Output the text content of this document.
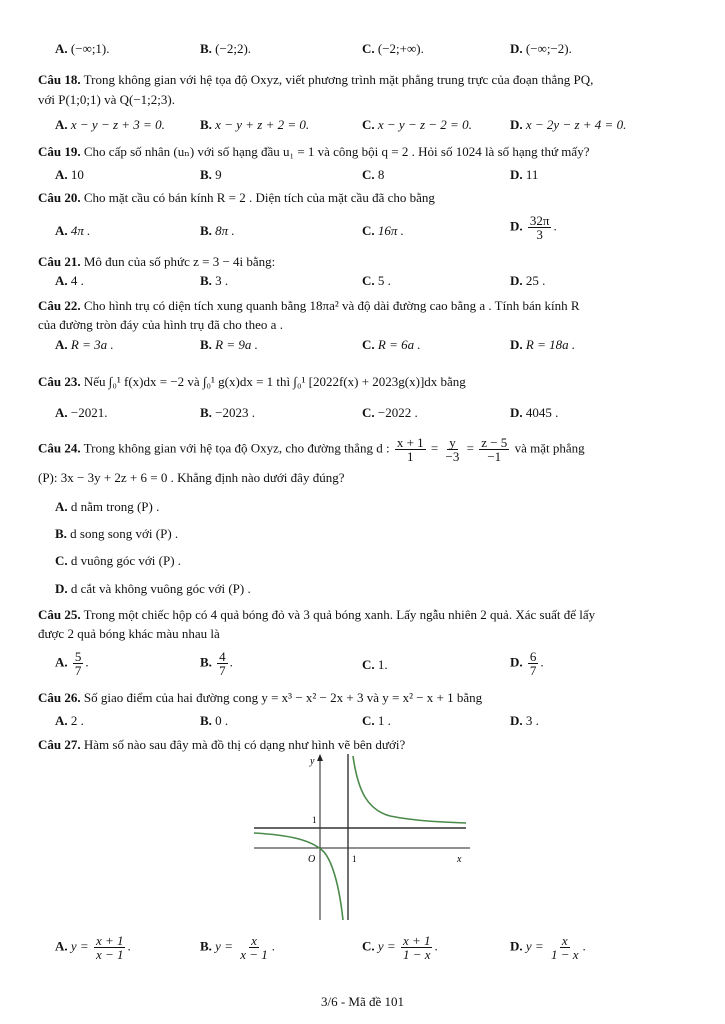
A. (−∞;1).	B. (−2;2).	C. (−2;+∞).	D. (−∞;−2).
Câu 18. Trong không gian với hệ tọa độ Oxyz, viết phương trình mặt phẳng trung trực của đoạn thẳng PQ,
với P(1;0;1) và Q(−1;2;3).
A. x − y − z + 3 = 0.	B. x − y + z + 2 = 0.	C. x − y − z − 2 = 0.	D. x − 2y − z + 4 = 0.
Câu 19. Cho cấp số nhân (uₙ) với số hạng đầu u₁ = 1 và công bội q = 2 . Hỏi số 1024 là số hạng thứ mấy?
A. 10	B. 9	C. 8	D. 11
Câu 20. Cho mặt cầu có bán kính R = 2 . Diện tích của mặt cầu đã cho bằng
A. 4π .	B. 8π .	C. 16π .	D. $\frac{32\pi}{3}$ .
Câu 21. Mô đun của số phức z = 3 − 4i bằng:
A. 4 .	B. 3 .	C. 5 .	D. 25 .
Câu 22. Cho hình trụ có diện tích xung quanh bằng 18πa² và độ dài đường cao bằng a . Tính bán kính R
của đường tròn đáy của hình trụ đã cho theo a .
A. R = 3a .	B. R = 9a .	C. R = 6a .	D. R = 18a .
Câu 23. Nếu ∫₀¹ f(x)dx = −2 và ∫₀¹ g(x)dx = 1 thì ∫₀¹ [2022f(x) + 2023g(x)]dx bằng
A. −2021.	B. −2023 .	C. −2022 .	D. 4045 .
Câu 24. Trong không gian với hệ tọa độ Oxyz, cho đường thẳng d : $\frac{x + 1}{1} = \frac{y}{-3} = \frac{z - 5}{-1}$ và mặt phẳng
(P): 3x − 3y + 2z + 6 = 0 . Khẳng định nào dưới đây đúng?
A. d nằm trong (P) .
B. d song song với (P) .
C. d vuông góc với (P) .
D. d cắt và không vuông góc với (P) .
Câu 25. Trong một chiếc hộp có 4 quả bóng đỏ và 3 quả bóng xanh. Lấy ngẫu nhiên 2 quả. Xác suất để lấy
được 2 quả bóng khác màu nhau là
A. $\frac{5}{7}$ .	B. $\frac{4}{7}$ .	C. 1.	D. $\frac{6}{7}$ .
Câu 26. Số giao điểm của hai đường cong y = x³ − x² − 2x + 3 và y = x² − x + 1 bằng
A. 2 .	B. 0 .	C. 1 .	D. 3 .
Câu 27. Hàm số nào sau đây mà đồ thị có dạng như hình vẽ bên dưới?
y
x
O	1
1
A. $y = \frac{x + 1}{x - 1}$ .	B. $y = \frac{x}{x - 1}$ .	C. $y = \frac{x + 1}{1 - x}$ .	D. $y = \frac{x}{1 - x}$ .
3/6 - Mã đề 101
